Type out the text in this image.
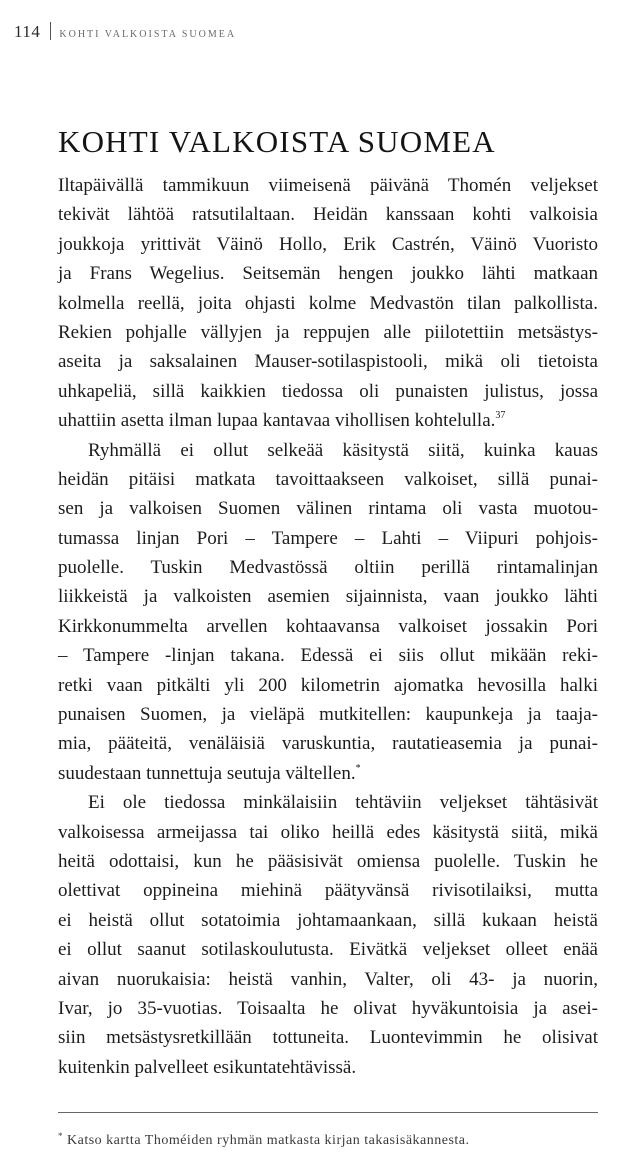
114 KOHTI VALKOISTA SUOMEA
KOHTI VALKOISTA SUOMEA
Iltapäivällä tammikuun viimeisenä päivänä Thomén veljekset
tekivät lähtöä ratsutilaltaan. Heidän kanssaan kohti valkoisia
joukkoja yrittivät Väinö Hollo, Erik Castrén, Väinö Vuoristo
ja Frans Wegelius. Seitsemän hengen joukko lähti matkaan
kolmella reellä, joita ohjasti kolme Medvastön tilan palkollista.
Rekien pohjalle vällyjen ja reppujen alle piilotettiin metsästys-
aseita ja saksalainen Mauser-sotilaspistooli, mikä oli tietoista
uhkapeliä, sillä kaikkien tiedossa oli punaisten julistus, jossa
uhattiin asetta ilman lupaa kantavaa vihollisen kohtelulla.$^{37}$
Ryhmällä ei ollut selkeää käsitystä siitä, kuinka kauas
heidän pitäisi matkata tavoittaakseen valkoiset, sillä punai-
sen ja valkoisen Suomen välinen rintama oli vasta muotou-
tumassa linjan Pori – Tampere – Lahti – Viipuri pohjois-
puolelle. Tuskin Medvastössä oltiin perillä rintamalinjan
liikkeistä ja valkoisten asemien sijainnista, vaan joukko lähti
Kirkkonummelta arvellen kohtaavansa valkoiset jossakin Pori
– Tampere -linjan takana. Edessä ei siis ollut mikään reki-
retki vaan pitkälti yli 200 kilometrin ajomatka hevosilla halki
punaisen Suomen, ja vieläpä mutkitellen: kaupunkeja ja taaja-
mia, pääteitä, venäläisiä varuskuntia, rautatieasemia ja punai-
suudestaan tunnettuja seutuja vältellen.*
Ei ole tiedossa minkälaisiin tehtäviin veljekset tähtäsivät
valkoisessa armeijassa tai oliko heillä edes käsitystä siitä, mikä
heitä odottaisi, kun he pääsisivät omiensa puolelle. Tuskin he
olettivat oppineina miehinä päätyvänsä rivisotilaiksi, mutta
ei heistä ollut sotatoimia johtamaankaan, sillä kukaan heistä
ei ollut saanut sotilaskoulutusta. Eivätkä veljekset olleet enää
aivan nuorukaisia: heistä vanhin, Valter, oli 43- ja nuorin,
Ivar, jo 35-vuotias. Toisaalta he olivat hyväkuntoisia ja asei-
siin metsästysretkillään tottuneita. Luontevimmin he olisivat
kuitenkin palvelleet esikuntatehtävissä.
* Katso kartta Thoméiden ryhmän matkasta kirjan takasisäkannesta.
